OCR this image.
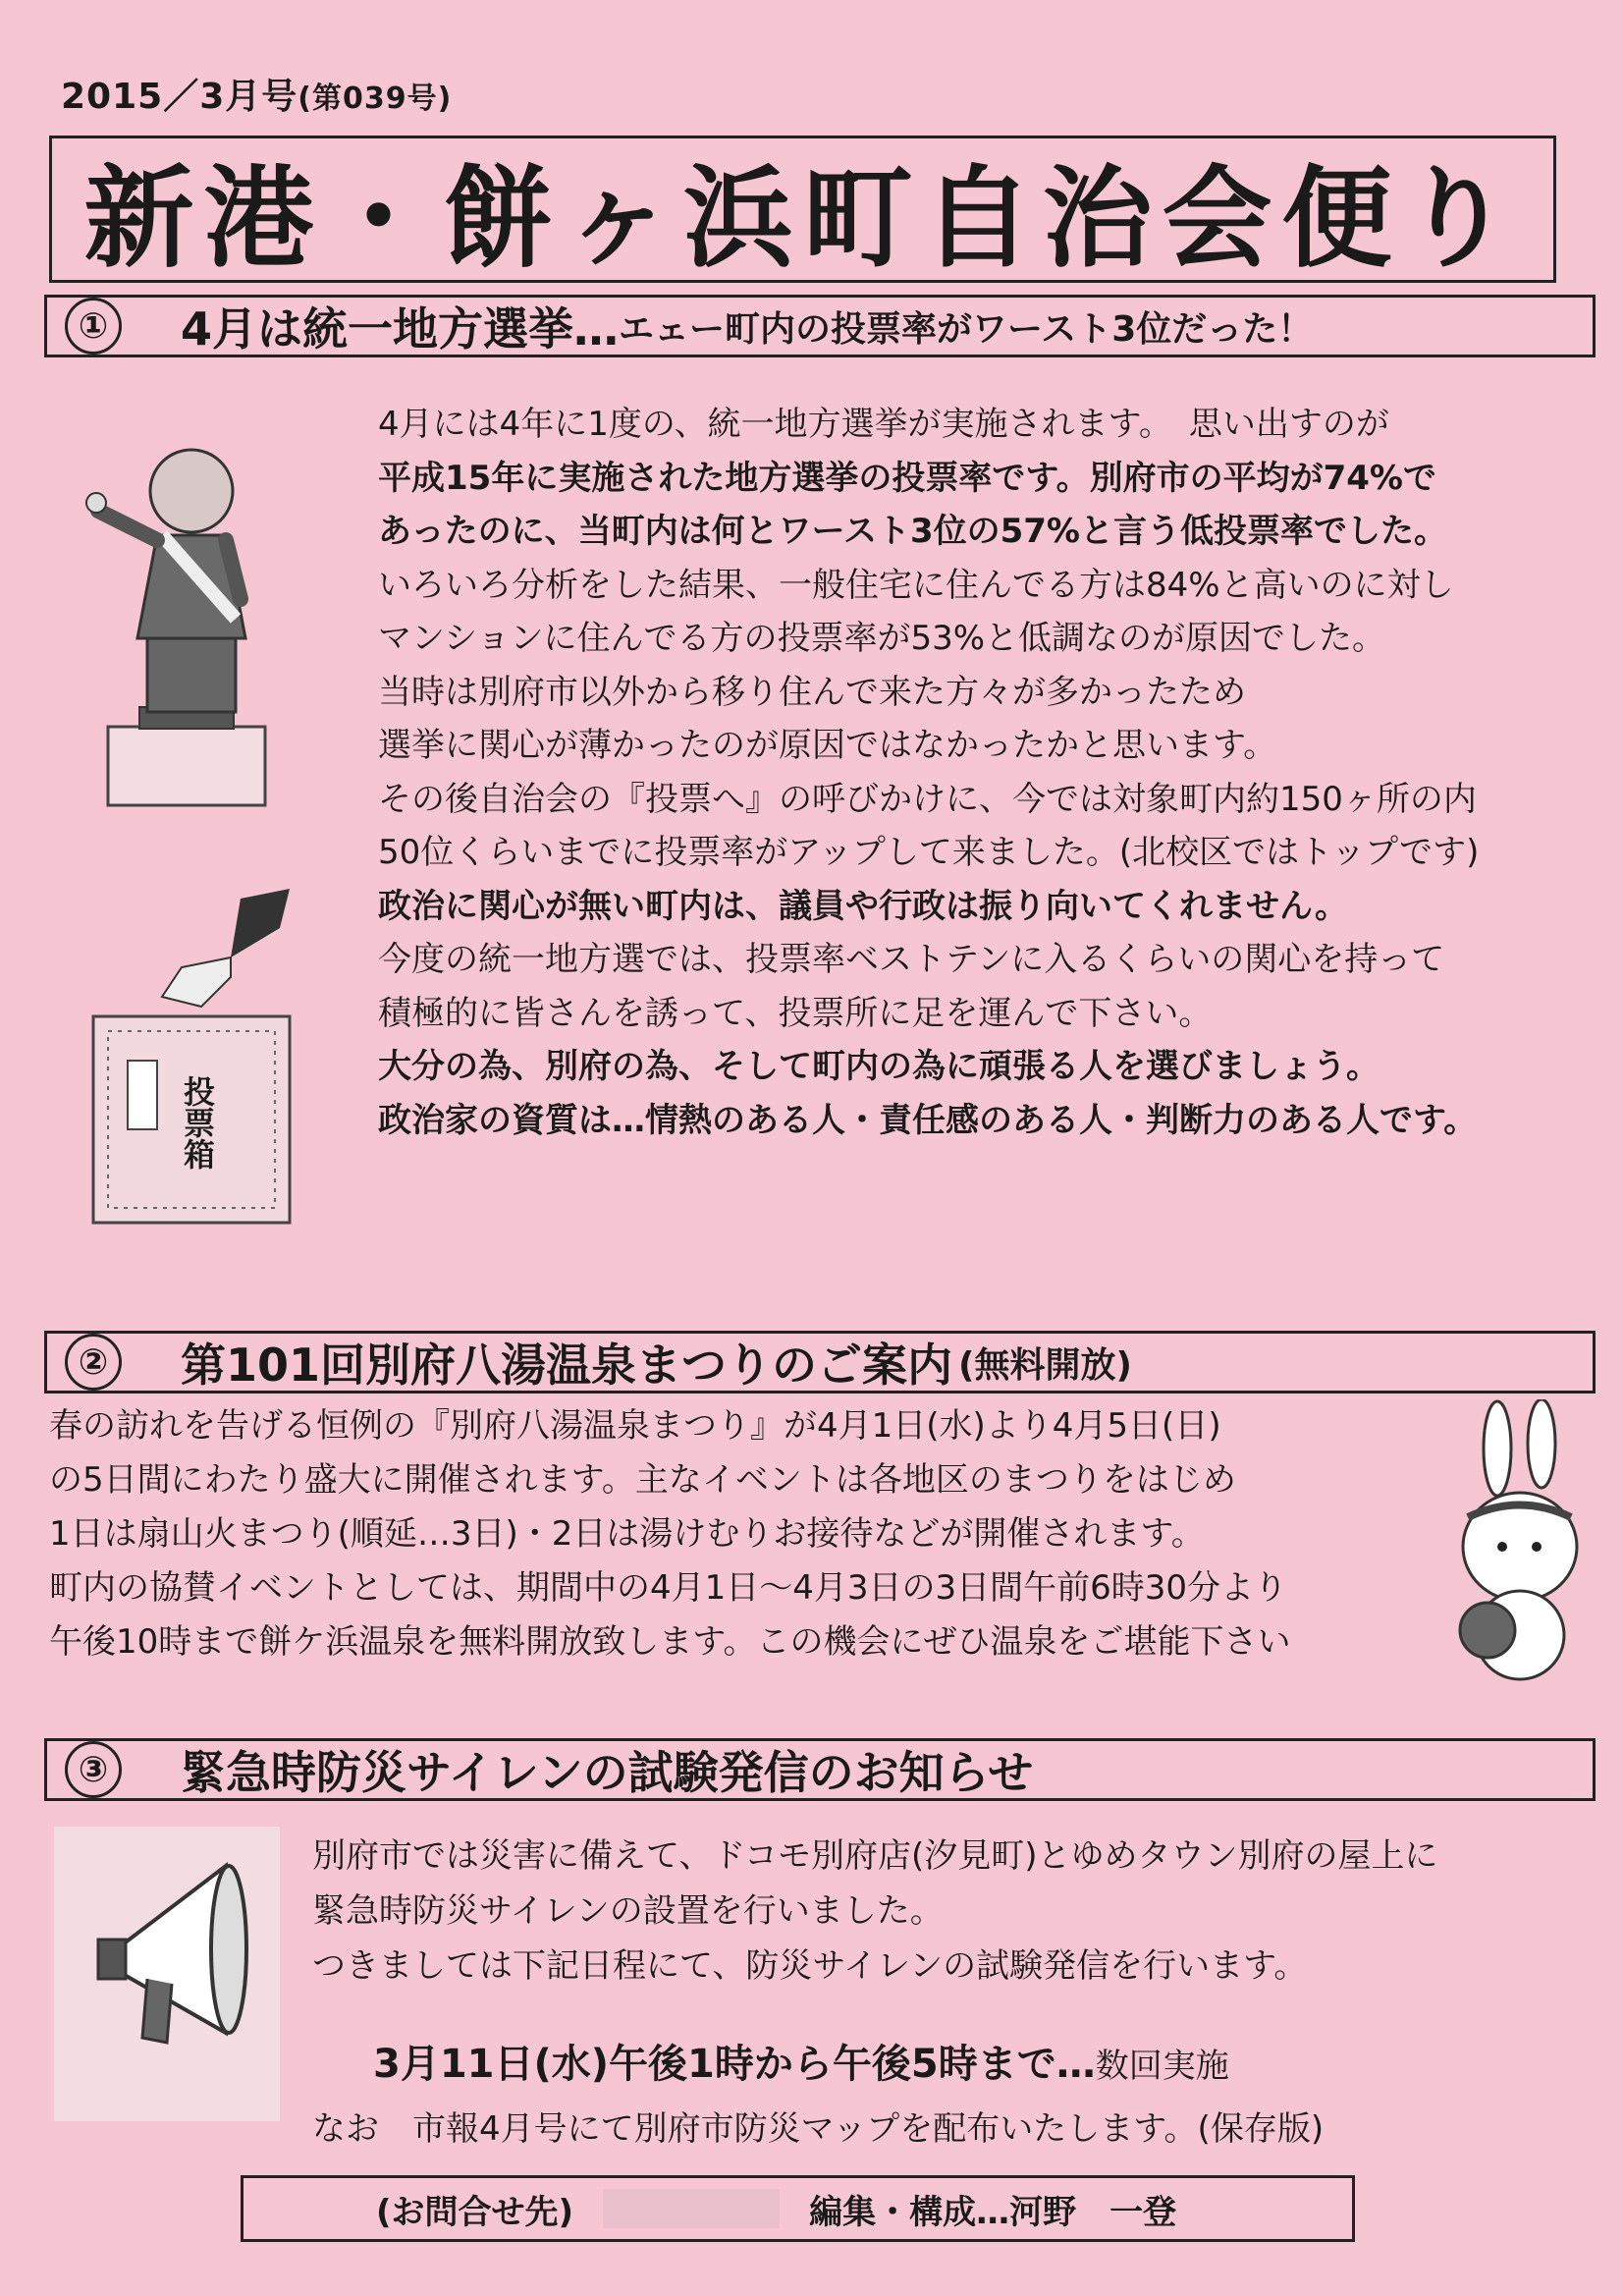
2015／3月号(第039号)
新港・餅ヶ浜町自治会便り
① 4月は統一地方選挙… エェー町内の投票率がワースト3位だった！
投票箱
4月には4年に1度の、統一地方選挙が実施されます。　思い出すのが
平成15年に実施された地方選挙の投票率です。別府市の平均が74%で
あったのに、当町内は何とワースト3位の57%と言う低投票率でした。
いろいろ分析をした結果、一般住宅に住んでる方は84%と高いのに対し
マンションに住んでる方の投票率が53%と低調なのが原因でした。
当時は別府市以外から移り住んで来た方々が多かったため
選挙に関心が薄かったのが原因ではなかったかと思います。
その後自治会の『投票へ』の呼びかけに、今では対象町内約150ヶ所の内
50位くらいまでに投票率がアップして来ました。(北校区ではトップです)
政治に関心が無い町内は、議員や行政は振り向いてくれません。
今度の統一地方選では、投票率ベストテンに入るくらいの関心を持って
積極的に皆さんを誘って、投票所に足を運んで下さい。
大分の為、別府の為、そして町内の為に頑張る人を選びましょう。
政治家の資質は…情熱のある人・責任感のある人・判断力のある人です。
② 第101回別府八湯温泉まつりのご案内 (無料開放)
春の訪れを告げる恒例の『別府八湯温泉まつり』が4月1日(水)より4月5日(日)
の5日間にわたり盛大に開催されます。主なイベントは各地区のまつりをはじめ
1日は扇山火まつり(順延…3日)・2日は湯けむりお接待などが開催されます。
町内の協賛イベントとしては、期間中の4月1日～4月3日の3日間午前6時30分より
午後10時まで餅ケ浜温泉を無料開放致します。この機会にぜひ温泉をご堪能下さい
③ 緊急時防災サイレンの試験発信のお知らせ
別府市では災害に備えて、ドコモ別府店(汐見町)とゆめタウン別府の屋上に
緊急時防災サイレンの設置を行いました。
つきましては下記日程にて、防災サイレンの試験発信を行います。
3月11日(水)午後1時から午後5時まで…数回実施
なお　市報4月号にて別府市防災マップを配布いたします。(保存版)
(お問合せ先)	編集・構成…河野　一登
